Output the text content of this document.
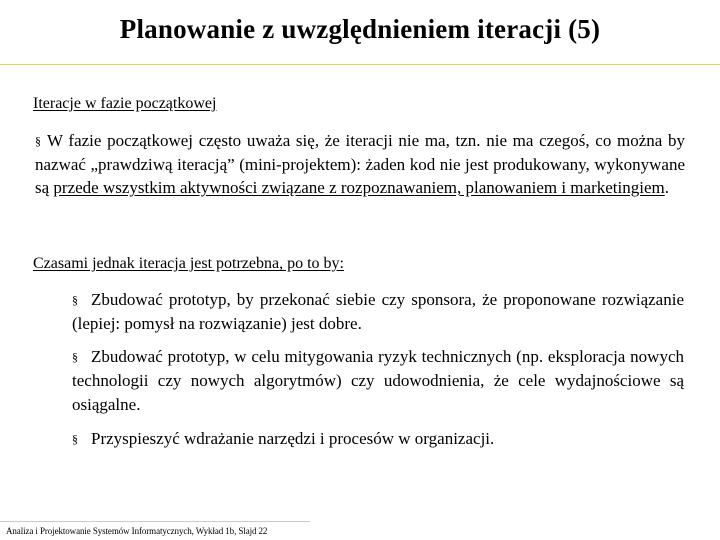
Planowanie z uwzględnieniem iteracji (5)
Iteracje w fazie początkowej
§ W fazie początkowej często uważa się, że iteracji nie ma, tzn. nie ma czegoś, co można by nazwać „prawdziwą iteracją” (mini-projektem): żaden kod nie jest produkowany, wykonywane są przede wszystkim aktywności związane z rozpoznawaniem, planowaniem i marketingiem.
Czasami jednak iteracja jest potrzebna, po to by:
§ Zbudować prototyp, by przekonać siebie czy sponsora, że proponowane rozwiązanie (lepiej: pomysł na rozwiązanie) jest dobre.
§ Zbudować prototyp, w celu mitygowania ryzyk technicznych (np. eksploracja nowych technologii czy nowych algorytmów) czy udowodnienia, że cele wydajnościowe są osiągalne.
§ Przyspieszyć wdrażanie narzędzi i procesów w organizacji.
Analiza i Projektowanie Systemów Informatycznych, Wykład 1b, Slajd 22
